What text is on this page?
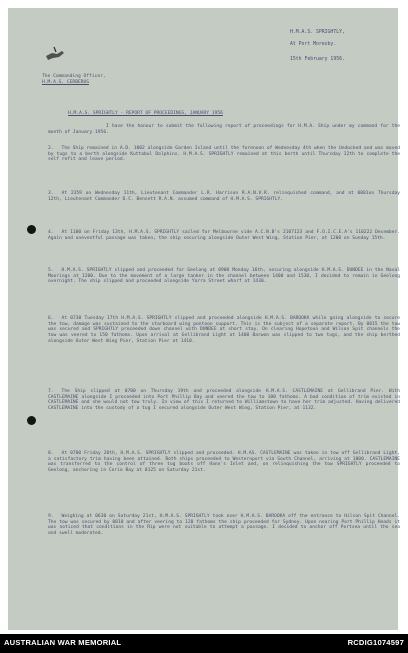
H.M.A.S. SPRIGHTLY,
At Port Moresby.
15th February 1956.
The Commanding Officer,
H.M.A.S. CERBERUS
H.M.A.S. SPRIGHTLY - REPORT OF PROCEEDINGS, JANUARY 1956
I have the honour to submit the following report of proceedings for H.M.A. Ship under my command for the month of January 1956.
2. The Ship remained in A.D. 1002 alongside Garden Island until the forenoon of Wednesday 4th when the Undocked and was moved by tugs to a berth alongside Kuttabul Dolphins. H.M.A.S. SPRIGHTLY remained at this berth until Thursday 12th to complete the self refit and leave period.
3. At 2359 on Wednesday 11th, Lieutenant Commander L.R. Harrison R.A.N.V.R. relinquished command, and at 0001on Thursday 12th, Lieutenant Commander D.C. Bennett R.A.N. assumed command of H.M.A.S. SPRIGHTLY.
4. At 1100 on Friday 13th, H.M.A.S. SPRIGHTLY sailed for Melbourne vide A.C.N.B's 2107123 and F.O.I.C.E.A's 110222 December. Again and uneventful passage was taken, the ship securing alongside Outer West Wing, Station Pier, at 1200 on Sunday 15th.
5. H.M.A.S. SPRIGHTLY slipped and proceeded for Geelong at 0900 Monday 16th, securing alongside H.M.A.S. DUNDEE in the Naval Moorings at 1200. Due to the movement of a large tanker in the channel between 1400 and 1530, I decided to remain in Geelong overnight. The ship slipped and proceeded alongside Yarra Street wharf at 1430.
6. At 0730 Tuesday 17th H.M.A.S. SPRIGHTLY slipped and proceeded alongside H.M.A.S. BAROOKA while going alongside to secure the tow, damage was sustained to the starboard wing pontoon support. This is the subject of a separate report. By 0815 the tow was secured and SPRIGHTLY proceeded down channel with DUNDEE at short stay. On clearing Hopetoun and Wilson Spit channels the tow was veered to 150 fathoms. Upon arrival at Gellibrand Light at 1400 Barwon was slipped to two tugs, and the ship berthed alongside Outer West Wing Pier, Station Pier at 1410.
7. The Ship slipped at 0700 on Thursday 19th and proceeded alongside H.M.A.S. CASTLEMAINE at Gellibrand Pier. With CASTLEMAINE alongside I proceeded into Port Phillip Bay and veered the tow to 100 fathoms. A bad condition of trim existed in CASTLEMAINE and she would not tow truly. In view of this I returned to Williamstown to have her trim adjusted. Having delivered CASTLEMAINE into the custody of a tug I secured alongside Outer West Wing, Station Pier, at 1132.
8. At 0700 Friday 20th, H.M.A.S. SPRIGHTLY slipped and proceeded. H.M.AS. CASTLEMAINE was taken in tow off Gellibrand Light, a satisfactory trim having been attained. Both ships proceeded to Westernport via South Channel, arriving at 1800. CASTLEMAINE was transferred to the control of three tug boats off Hann's Inlet and, on relinquishing the tow SPRIGHTLY proceeded to Geelong, anchoring in Corio Bay at 0125 on Saturday 21st.
9. Weighing at 0630 on Saturday 21st, H.M.A.S. SPRIGHTLY took over H.M.A.S. BAROOKA off the entrance to Hilson Spit Channel. The tow was secured by 0810 and after veering to 120 fathoms the ship proceeded for Sydney. Upon nearing Port Phillip Heads it was noticed that conditions in the Rip were not suitable to attempt a passage. I decided to anchor off Portsea until the sea and swell moderated.
AUSTRALIAN WAR MEMORIAL	RCDIG1074597
